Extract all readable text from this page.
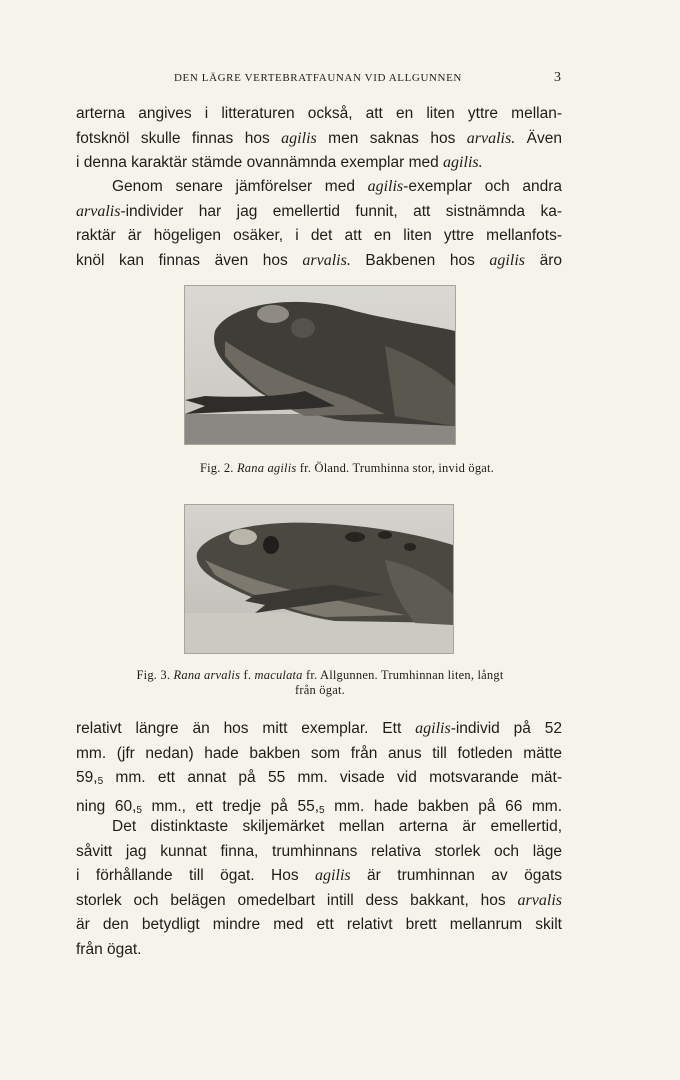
DEN LÄGRE VERTEBRATFAUNAN VID ALLGUNNEN	3

arterna angives i litteraturen också, att en liten yttre mellan-
fotsknöl skulle finnas hos agilis men saknas hos arvalis. Även
i denna karaktär stämde ovannämnda exemplar med agilis.

Genom senare jämförelser med agilis-exemplar och andra
arvalis-individer har jag emellertid funnit, att sistnämnda ka-
raktär är högeligen osäker, i det att en liten yttre mellanfots-
knöl kan finnas även hos arvalis. Bakbenen hos agilis äro

Fig. 2. Rana agilis fr. Öland. Trumhinna stor, invid ögat.
Fig. 3. Rana arvalis f. maculata fr. Allgunnen. Trumhinnan liten, långt
från ögat.

relativt längre än hos mitt exemplar. Ett agilis-individ på 52
mm. (jfr nedan) hade bakben som från anus till fotleden mätte
$59,_5$ mm. ett annat på 55 mm. visade vid motsvarande mät-
ning $60,_5$ mm., ett tredje på $55,_5$ mm. hade bakben på 66 mm.

Det distinktaste skiljemärket mellan arterna är emellertid,
såvitt jag kunnat finna, trumhinnans relativa storlek och läge
i förhållande till ögat. Hos agilis är trumhinnan av ögats
storlek och belägen omedelbart intill dess bakkant, hos arvalis
är den betydligt mindre med ett relativt brett mellanrum skilt
från ögat.
